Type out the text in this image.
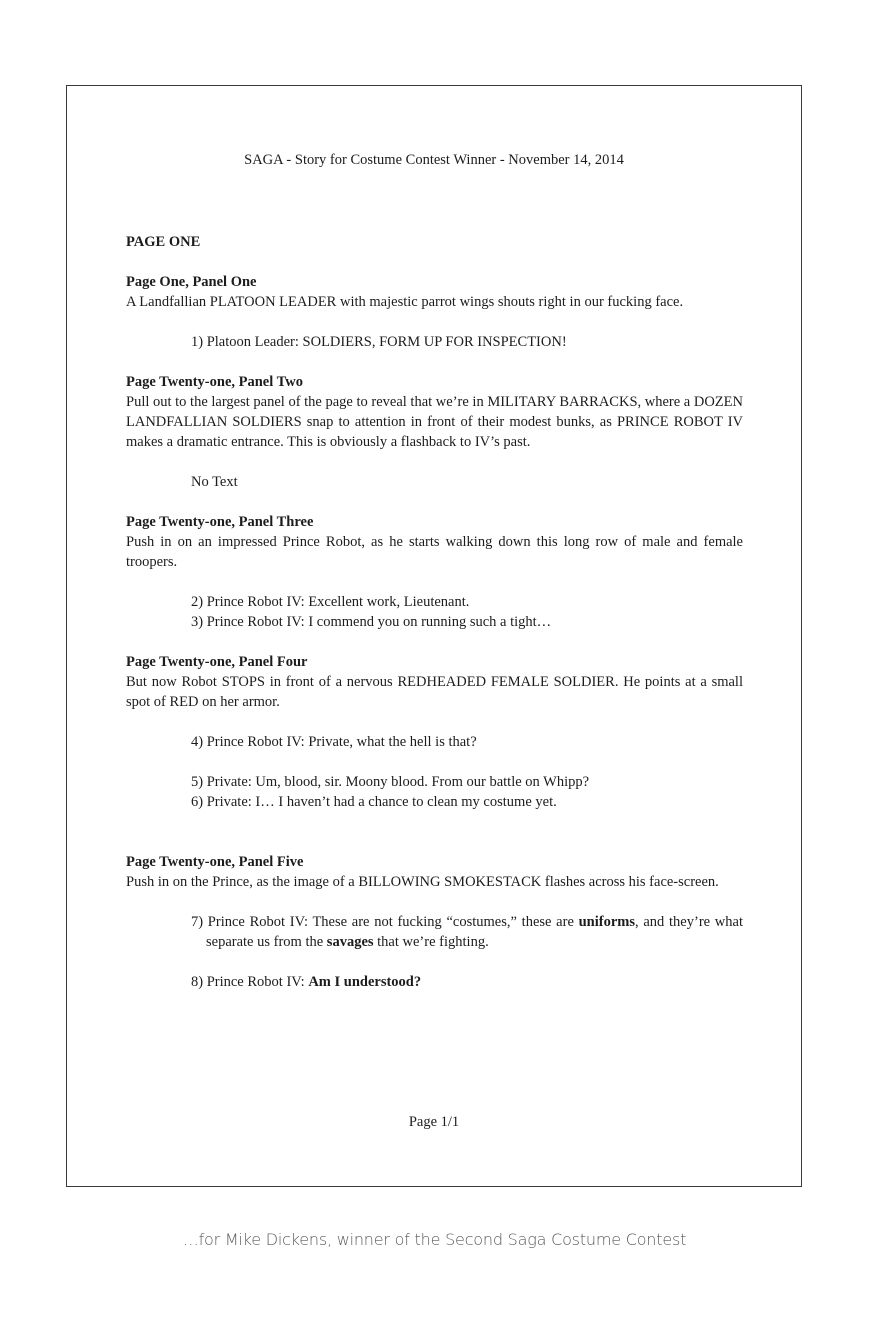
SAGA - Story for Costume Contest Winner - November 14, 2014
PAGE ONE
Page One, Panel One
A Landfallian PLATOON LEADER with majestic parrot wings shouts right in our fucking face.
1) Platoon Leader: SOLDIERS, FORM UP FOR INSPECTION!
Page Twenty-one, Panel Two
Pull out to the largest panel of the page to reveal that we’re in MILITARY BARRACKS, where a DOZEN LANDFALLIAN SOLDIERS snap to attention in front of their modest bunks, as PRINCE ROBOT IV makes a dramatic entrance. This is obviously a flashback to IV’s past.
No Text
Page Twenty-one, Panel Three
Push in on an impressed Prince Robot, as he starts walking down this long row of male and female troopers.
2) Prince Robot IV: Excellent work, Lieutenant.
3) Prince Robot IV: I commend you on running such a tight…
Page Twenty-one, Panel Four
But now Robot STOPS in front of a nervous REDHEADED FEMALE SOLDIER. He points at a small spot of RED on her armor.
4) Prince Robot IV: Private, what the hell is that?
5) Private: Um, blood, sir. Moony blood. From our battle on Whipp?
6) Private: I… I haven’t had a chance to clean my costume yet.
Page Twenty-one, Panel Five
Push in on the Prince, as the image of a BILLOWING SMOKESTACK flashes across his face-screen.
7) Prince Robot IV: These are not fucking “costumes,” these are uniforms, and they’re what separate us from the savages that we’re fighting.
8) Prince Robot IV: Am I understood?
Page 1/1
…for Mike Dickens, winner of the Second Saga Costume Contest
